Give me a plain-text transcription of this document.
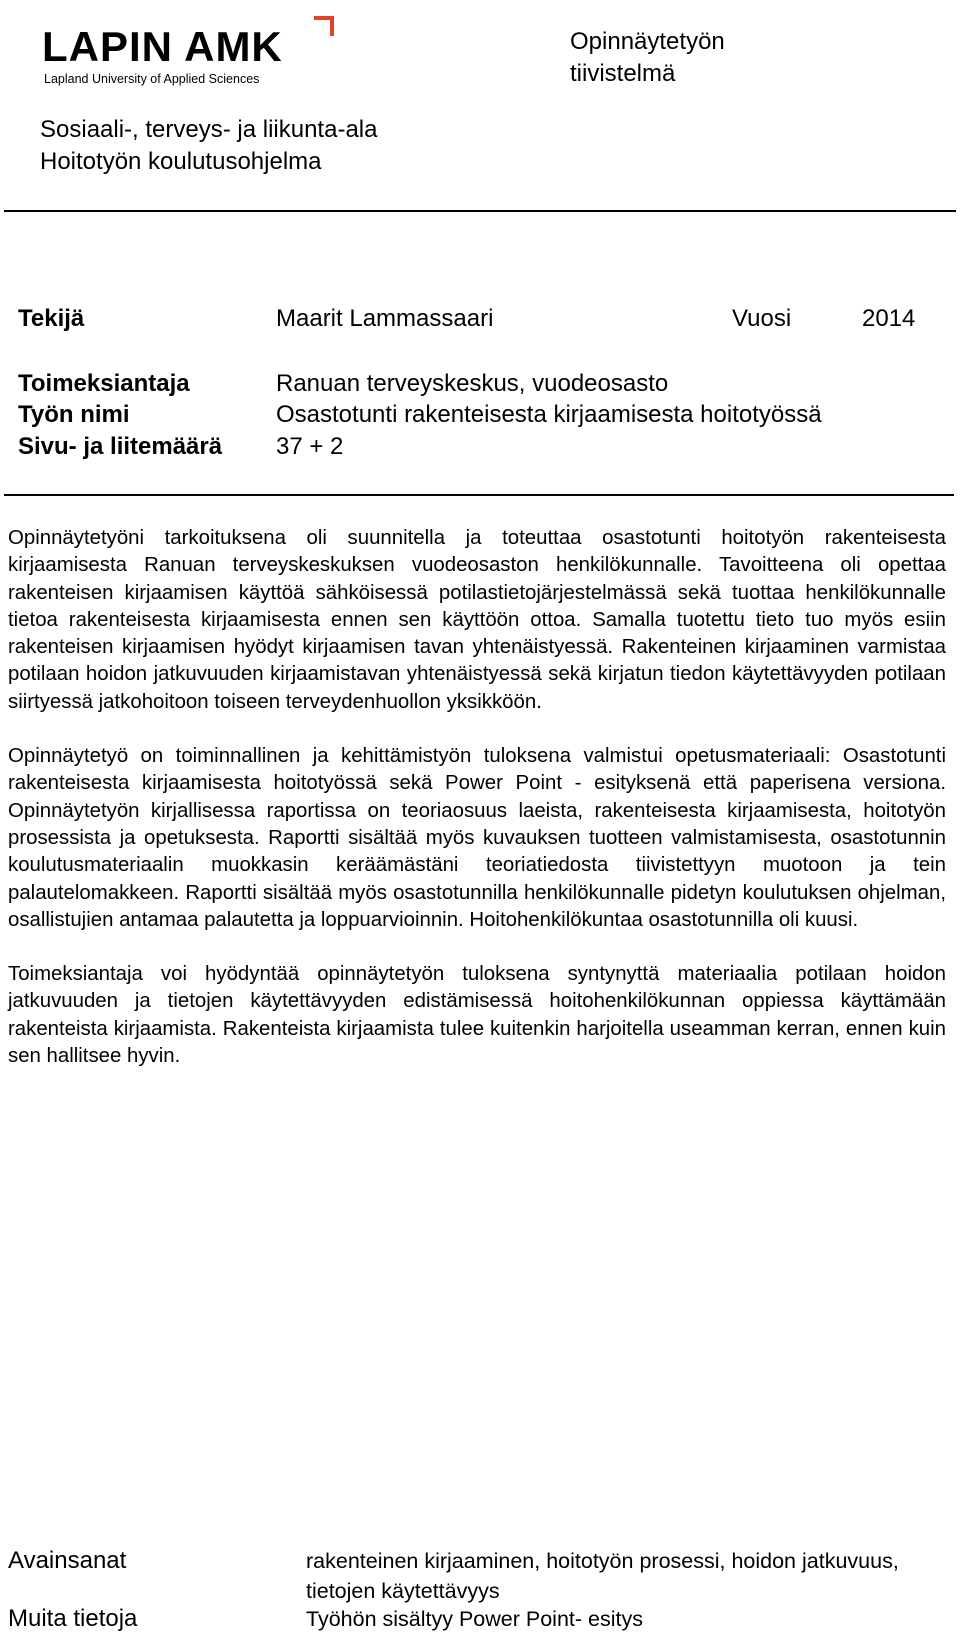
LAPIN AMK
Lapland University of Applied Sciences
Opinnäytetyön
tiivistelmä
Sosiaali-, terveys- ja liikunta-ala
Hoitotyön koulutusohjelma
Tekijä	Maarit Lammassaari	Vuosi	2014
Toimeksiantaja	Ranuan terveyskeskus, vuodeosasto
Työn nimi	Osastotunti rakenteisesta kirjaamisesta hoitotyössä
Sivu- ja liitemäärä 37 + 2

Opinnäytetyöni tarkoituksena oli suunnitella ja toteuttaa osastotunti hoitotyön rakenteisesta kirjaamisesta Ranuan terveyskeskuksen vuodeosaston henkilökunnalle. Tavoitteena oli opettaa rakenteisen kirjaamisen käyttöä sähköisessä potilastietojärjestelmässä sekä tuottaa henkilökunnalle tietoa rakenteisesta kirjaamisesta ennen sen käyttöön ottoa. Samalla tuotettu tieto tuo myös esiin rakenteisen kirjaamisen hyödyt kirjaamisen tavan yhtenäistyessä. Rakenteinen kirjaaminen varmistaa potilaan hoidon jatkuvuuden kirjaamistavan yhtenäistyessä sekä kirjatun tiedon käytettävyyden potilaan siirtyessä jatkohoitoon toiseen terveydenhuollon yksikköön.

Opinnäytetyö on toiminnallinen ja kehittämistyön tuloksena valmistui opetusmateriaali: Osastotunti rakenteisesta kirjaamisesta hoitotyössä sekä Power Point - esityksenä että paperisena versiona. Opinnäytetyön kirjallisessa raportissa on teoriaosuus laeista, rakenteisesta kirjaamisesta, hoitotyön prosessista ja opetuksesta. Raportti sisältää myös kuvauksen tuotteen valmistamisesta, osastotunnin koulutusmateriaalin muokkasin keräämästäni teoriatiedosta tiivistettyyn muotoon ja tein palautelomakkeen. Raportti sisältää myös osastotunnilla henkilökunnalle pidetyn koulutuksen ohjelman, osallistujien antamaa palautetta ja loppuarvioinnin. Hoitohenkilökuntaa osastotunnilla oli kuusi.

Toimeksiantaja voi hyödyntää opinnäytetyön tuloksena syntynyttä materiaalia potilaan hoidon jatkuvuuden ja tietojen käytettävyyden edistämisessä hoitohenkilökunnan oppiessa käyttämään rakenteista kirjaamista. Rakenteista kirjaamista tulee kuitenkin harjoitella useamman kerran, ennen kuin sen hallitsee hyvin.

Avainsanat	rakenteinen kirjaaminen, hoitotyön prosessi, hoidon jatkuvuus, tietojen käytettävyys
Muita tietoja	Työhön sisältyy Power Point- esitys
